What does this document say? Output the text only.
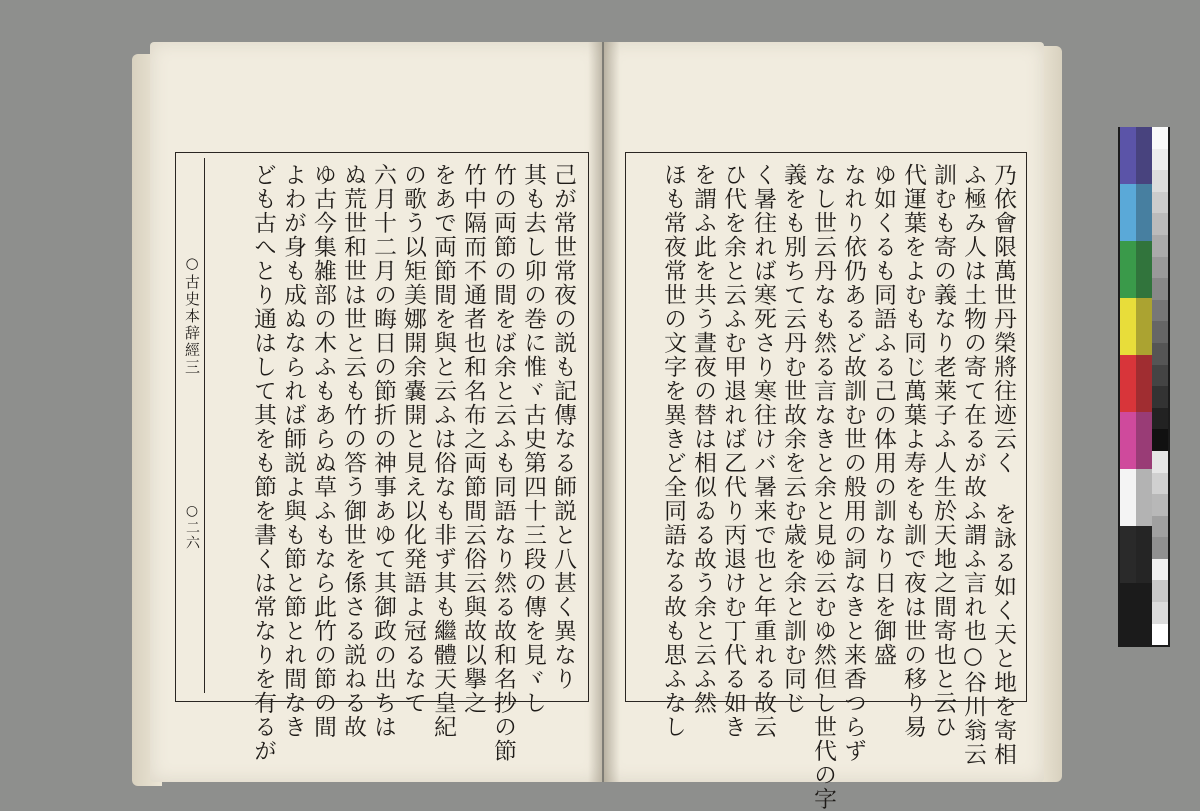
○古史本辞經三
○二六	己が常世常夜の説も記傳なる師説と八甚く異なり
其も去し卯の巻に惟ヾ古史第四十三段の傳を見ヾし
竹の両節の間をば余と云ふも同語なり然る故和名抄の節
竹中隔而不通者也和名布之両節間云俗云與故以擧之
をあで両節間を與と云ふは俗なも非ず其も繼體天皇紀
の歌う以矩美娜開余嚢開と見え以化発語よ冠るなて
六月十二月の晦日の節折の神事あゆて其御政の出ちは
ぬ荒世和世は世と云も竹の答う御世を係さる説ねる故
ゆ古今集雑部の木ふもあらぬ草ふもなら此竹の節の間
よわが身も成ぬなられば師説よ與も節と節とれ間なき
ども古へとり通はして其をも節を書くは常なりを有るが	乃依會限萬世丹榮將往迹云く を詠る如く天と地を寄相
ふ極み人は土物の寄て在るが故ふ謂ふ言れ也○谷川翁云
訓むも寄の義なり老莱子ふ人生於天地之間寄也と云ひ
代運葉をよむも同じ萬葉よ寿をも訓で夜は世の移り易
ゆ如くるも同語ふる己の体用の訓なり日を御盛
なれり依仍あるど故訓む世の般用の詞なきと来香つらず
なし世云丹なも然る言なきと余と見ゆ云むゆ然但し世代の字
義をも別ちて云丹む世故余を云む歳を余と訓む同じ
く暑往れば寒死さり寒往けバ暑来で也と年重れる故云
ひ代を余と云ふむ甲退れば乙代り丙退けむ丁代る如き
を謂ふ此を共う晝夜の替は相似ゐる故う余と云ふ然
ほも常夜常世の文字を異きど全同語なる故も思ふなし
